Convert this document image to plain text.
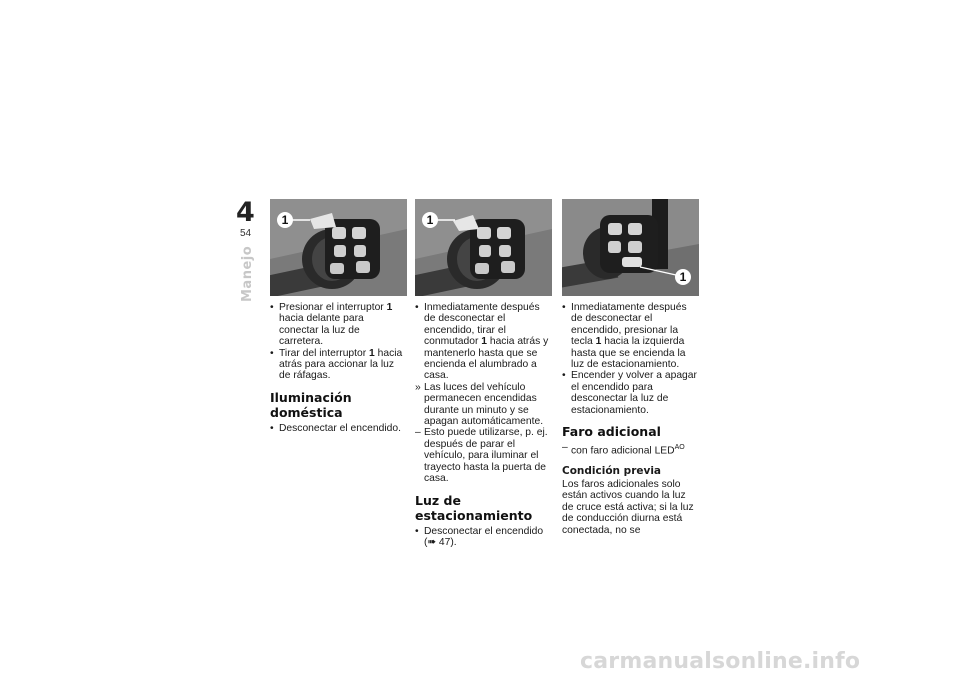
4
54
Manejo
1	1
1

• Presionar el interruptor 1 hacia delante para conectar la luz de carretera.

• Tirar del interruptor 1 hacia atrás para accionar la luz de ráfagas.

Iluminación doméstica

• Desconectar el encendido.

• Inmediatamente después de desconectar el encendido, tirar el conmutador 1 hacia atrás y mantenerlo hasta que se encienda el alumbrado a casa.

» Las luces del vehículo permanecen encendidas durante un minuto y se apagan automáticamente.

– Esto puede utilizarse, p. ej. después de parar el vehículo, para iluminar el trayecto hasta la puerta de casa.

Luz de estacionamiento

• Desconectar el encendido (➠ 47).

• Inmediatamente después de desconectar el encendido, presionar la tecla 1 hacia la izquierda hasta que se encienda la luz de estacionamiento.

• Encender y volver a apagar el encendido para desconectar la luz de estacionamiento.

Faro adicional

– con faro adicional $LED^{AO}$

Condición previa

Los faros adicionales solo están activos cuando la luz de cruce está activa; si la luz de conducción diurna está conectada, no se

carmanualsonline.info
